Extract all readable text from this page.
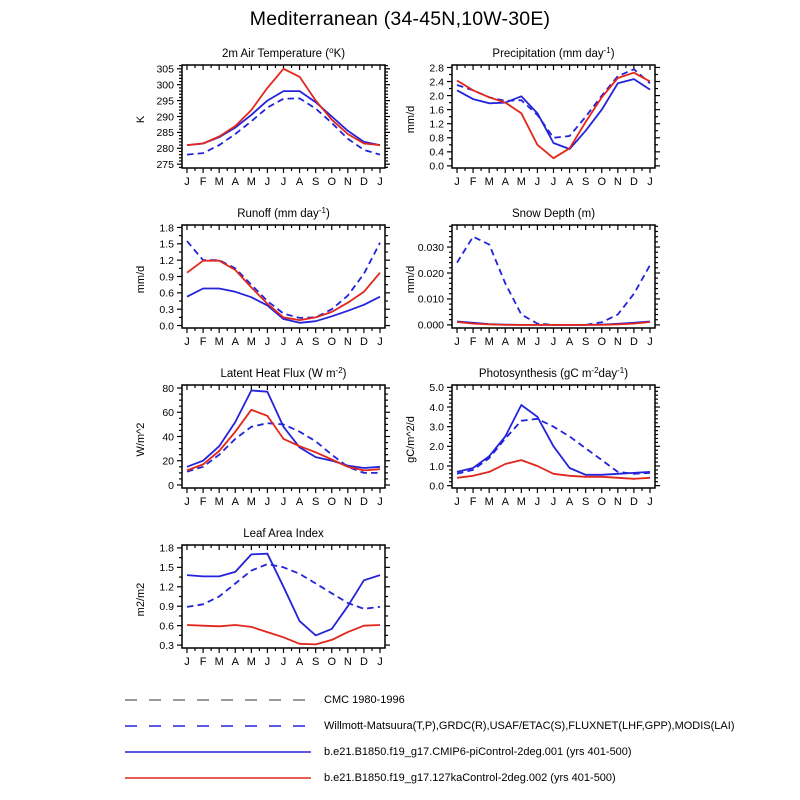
Mediterranean (34-45N,10W-30E)
2m Air Temperature ($^o$K)
J F M A M J J A S O N D J
275
280
285
290
295
300
305
K
Precipitation (mm day$^{-1}$)
J F M A M J J A S O N D J
0.0
0.4
0.8
1.2
1.6
2.0
2.4
2.8
mm/d
Runoff (mm day$^{-1}$)
J F M A M J J A S O N D J
0.0
0.3
0.6
0.9
1.2
1.5
1.8
mm/d
Snow Depth (m)
J F M A M J J A S O N D J
0.000
0.010
0.020
0.030
mm/d
Latent Heat Flux (W $m^{-2}$)
J F M A M J J A S O N D J
0
20
40
60
80
W/m^2
Photosynthesis (gC $m^{-2}day^{-1}$)
J F M A M J J A S O N D J
0.0
1.0
2.0
3.0
4.0
5.0
gC/m^2/d
Leaf Area Index
J F M A M J J A S O N D J
0.3
0.6
0.9
1.2
1.5
1.8
m2/m2
CMC 1980-1996
Willmott-Matsuura(T,P),GRDC(R),USAF/ETAC(S),FLUXNET(LHF,GPP),MODIS(LAI)
b.e21.B1850.f19_g17.CMIP6-piControl-2deg.001 (yrs 401-500)
b.e21.B1850.f19_g17.127kaControl-2deg.002 (yrs 401-500)
